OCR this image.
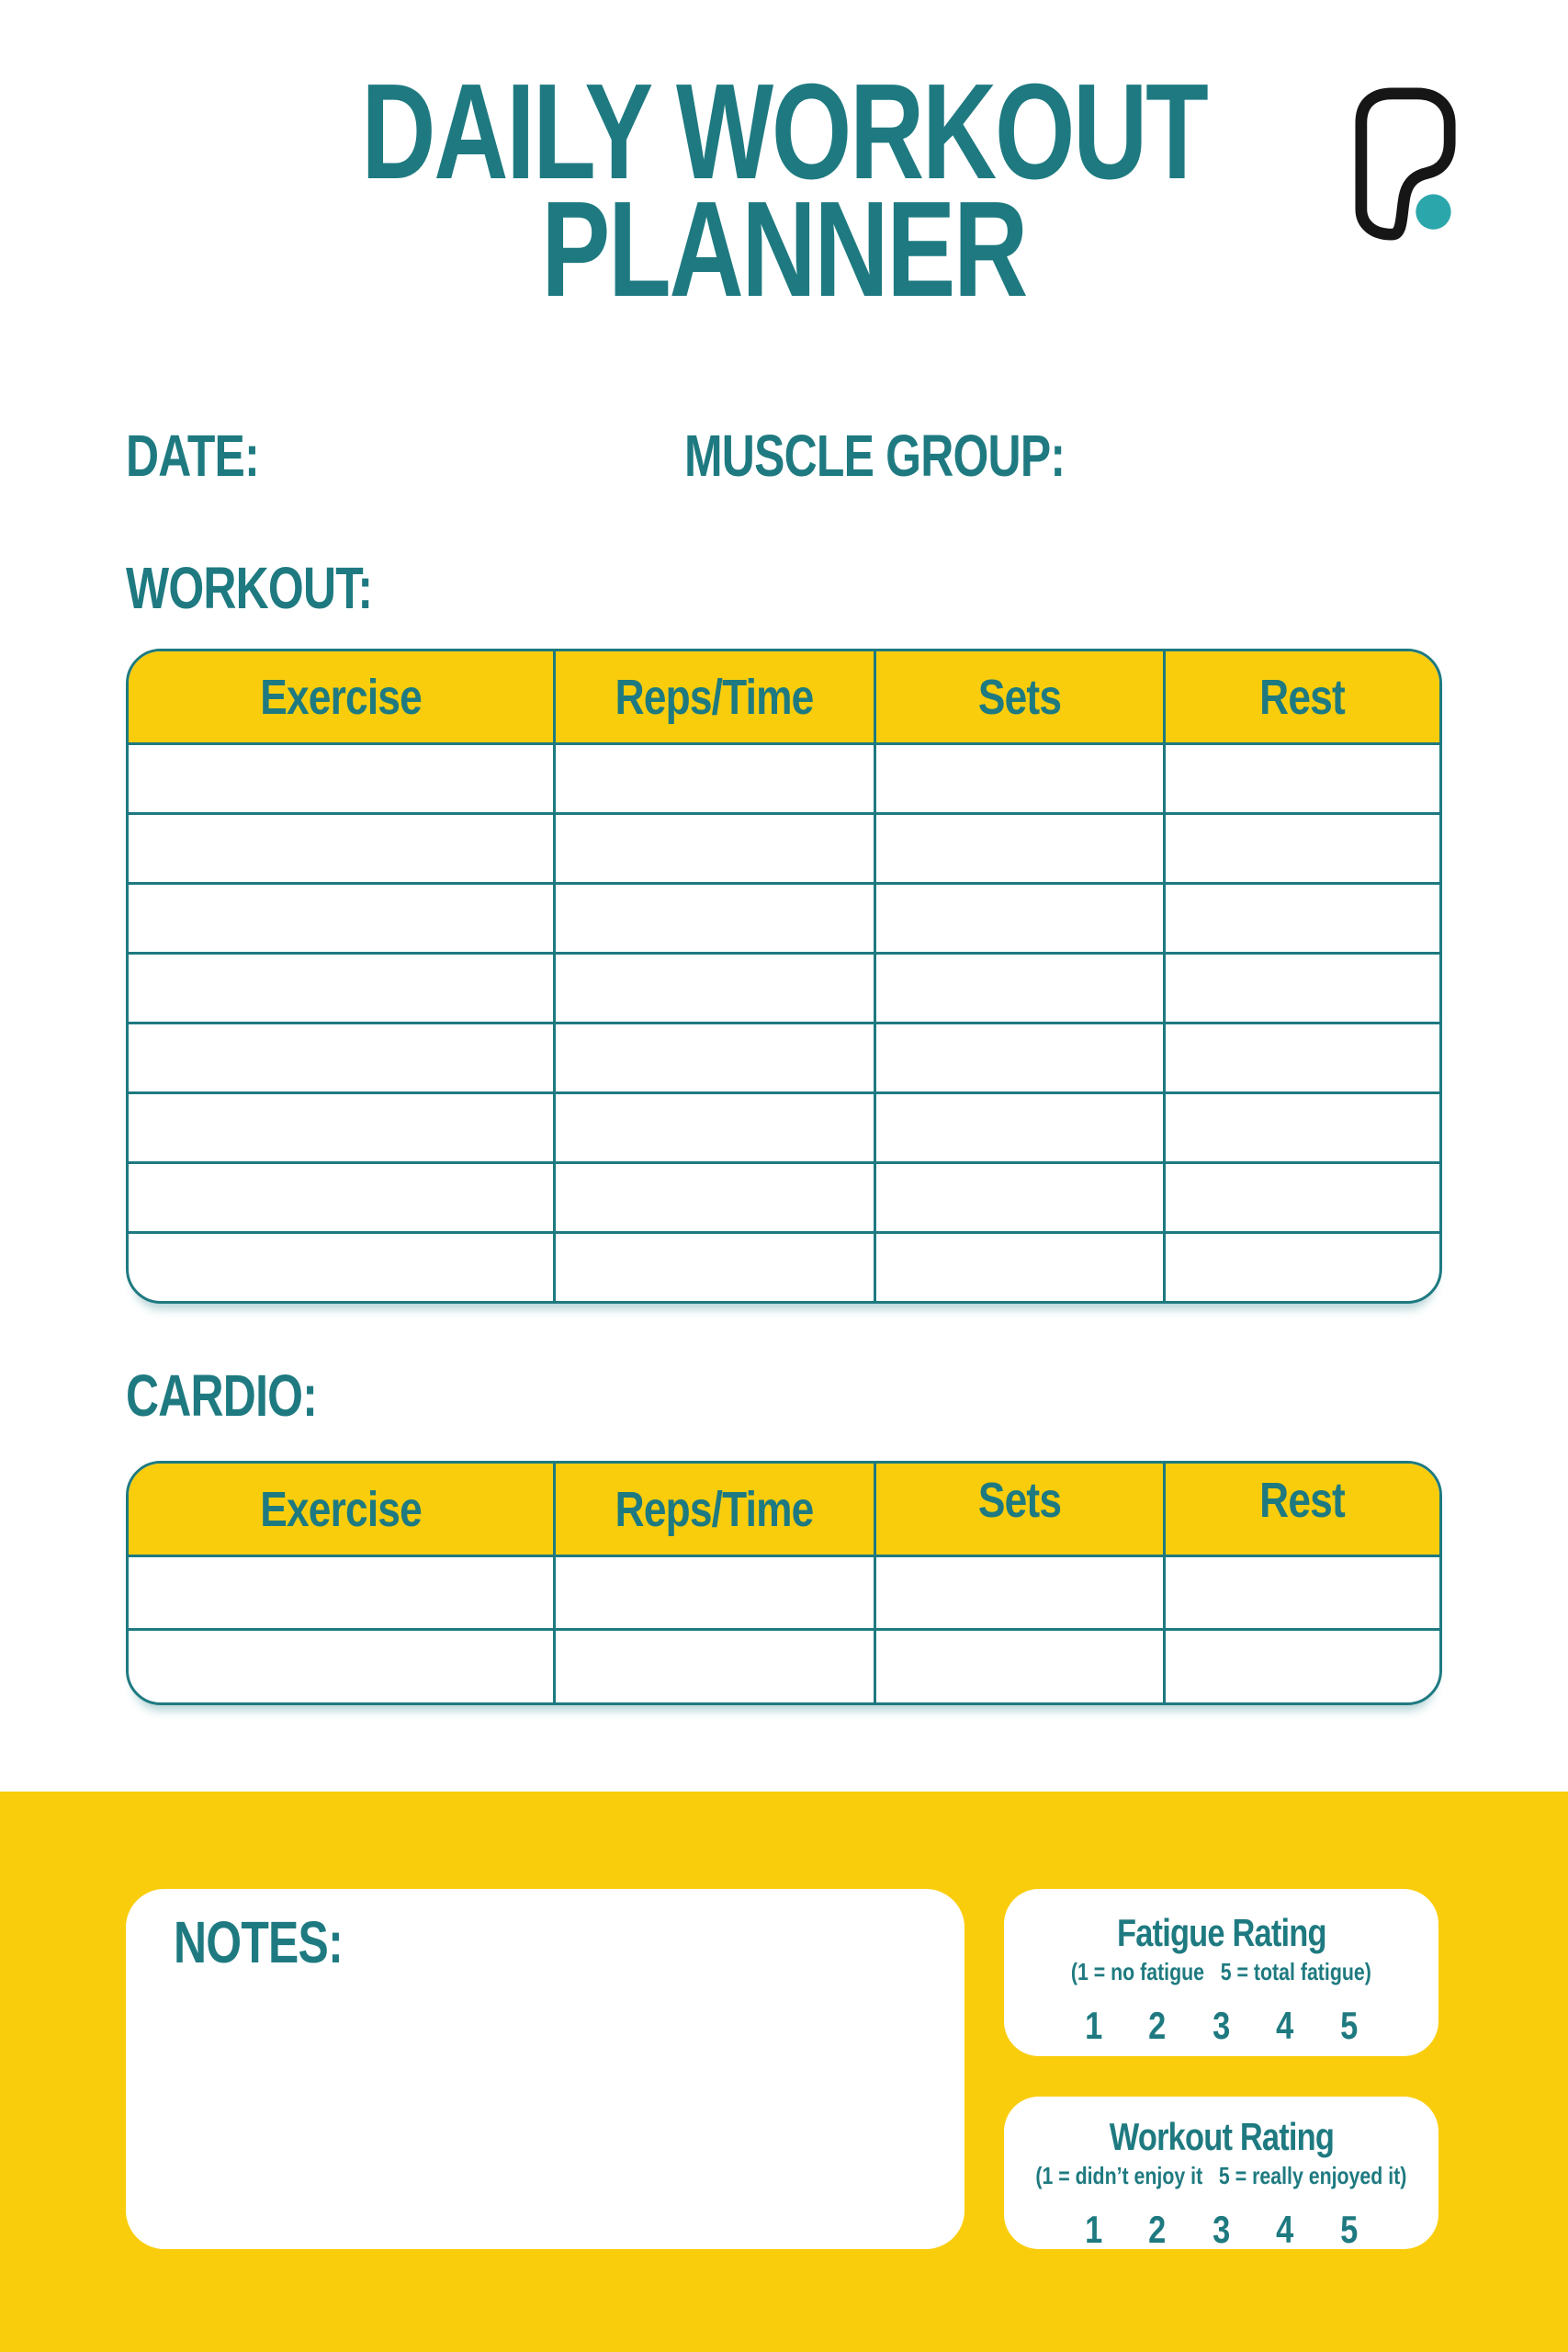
DAILY WORKOUT
PLANNER
DATE:	MUSCLE GROUP:
WORKOUT:
Exercise	Reps/Time	Sets	Rest
CARDIO:
Exercise	Reps/Time	Sets	Rest
NOTES:	Fatigue Rating
(1 = no fatigue   5 = total fatigue)
1 2 3 4 5
Workout Rating
(1 = didn’t enjoy it   5 = really enjoyed it)
1 2 3 4 5
